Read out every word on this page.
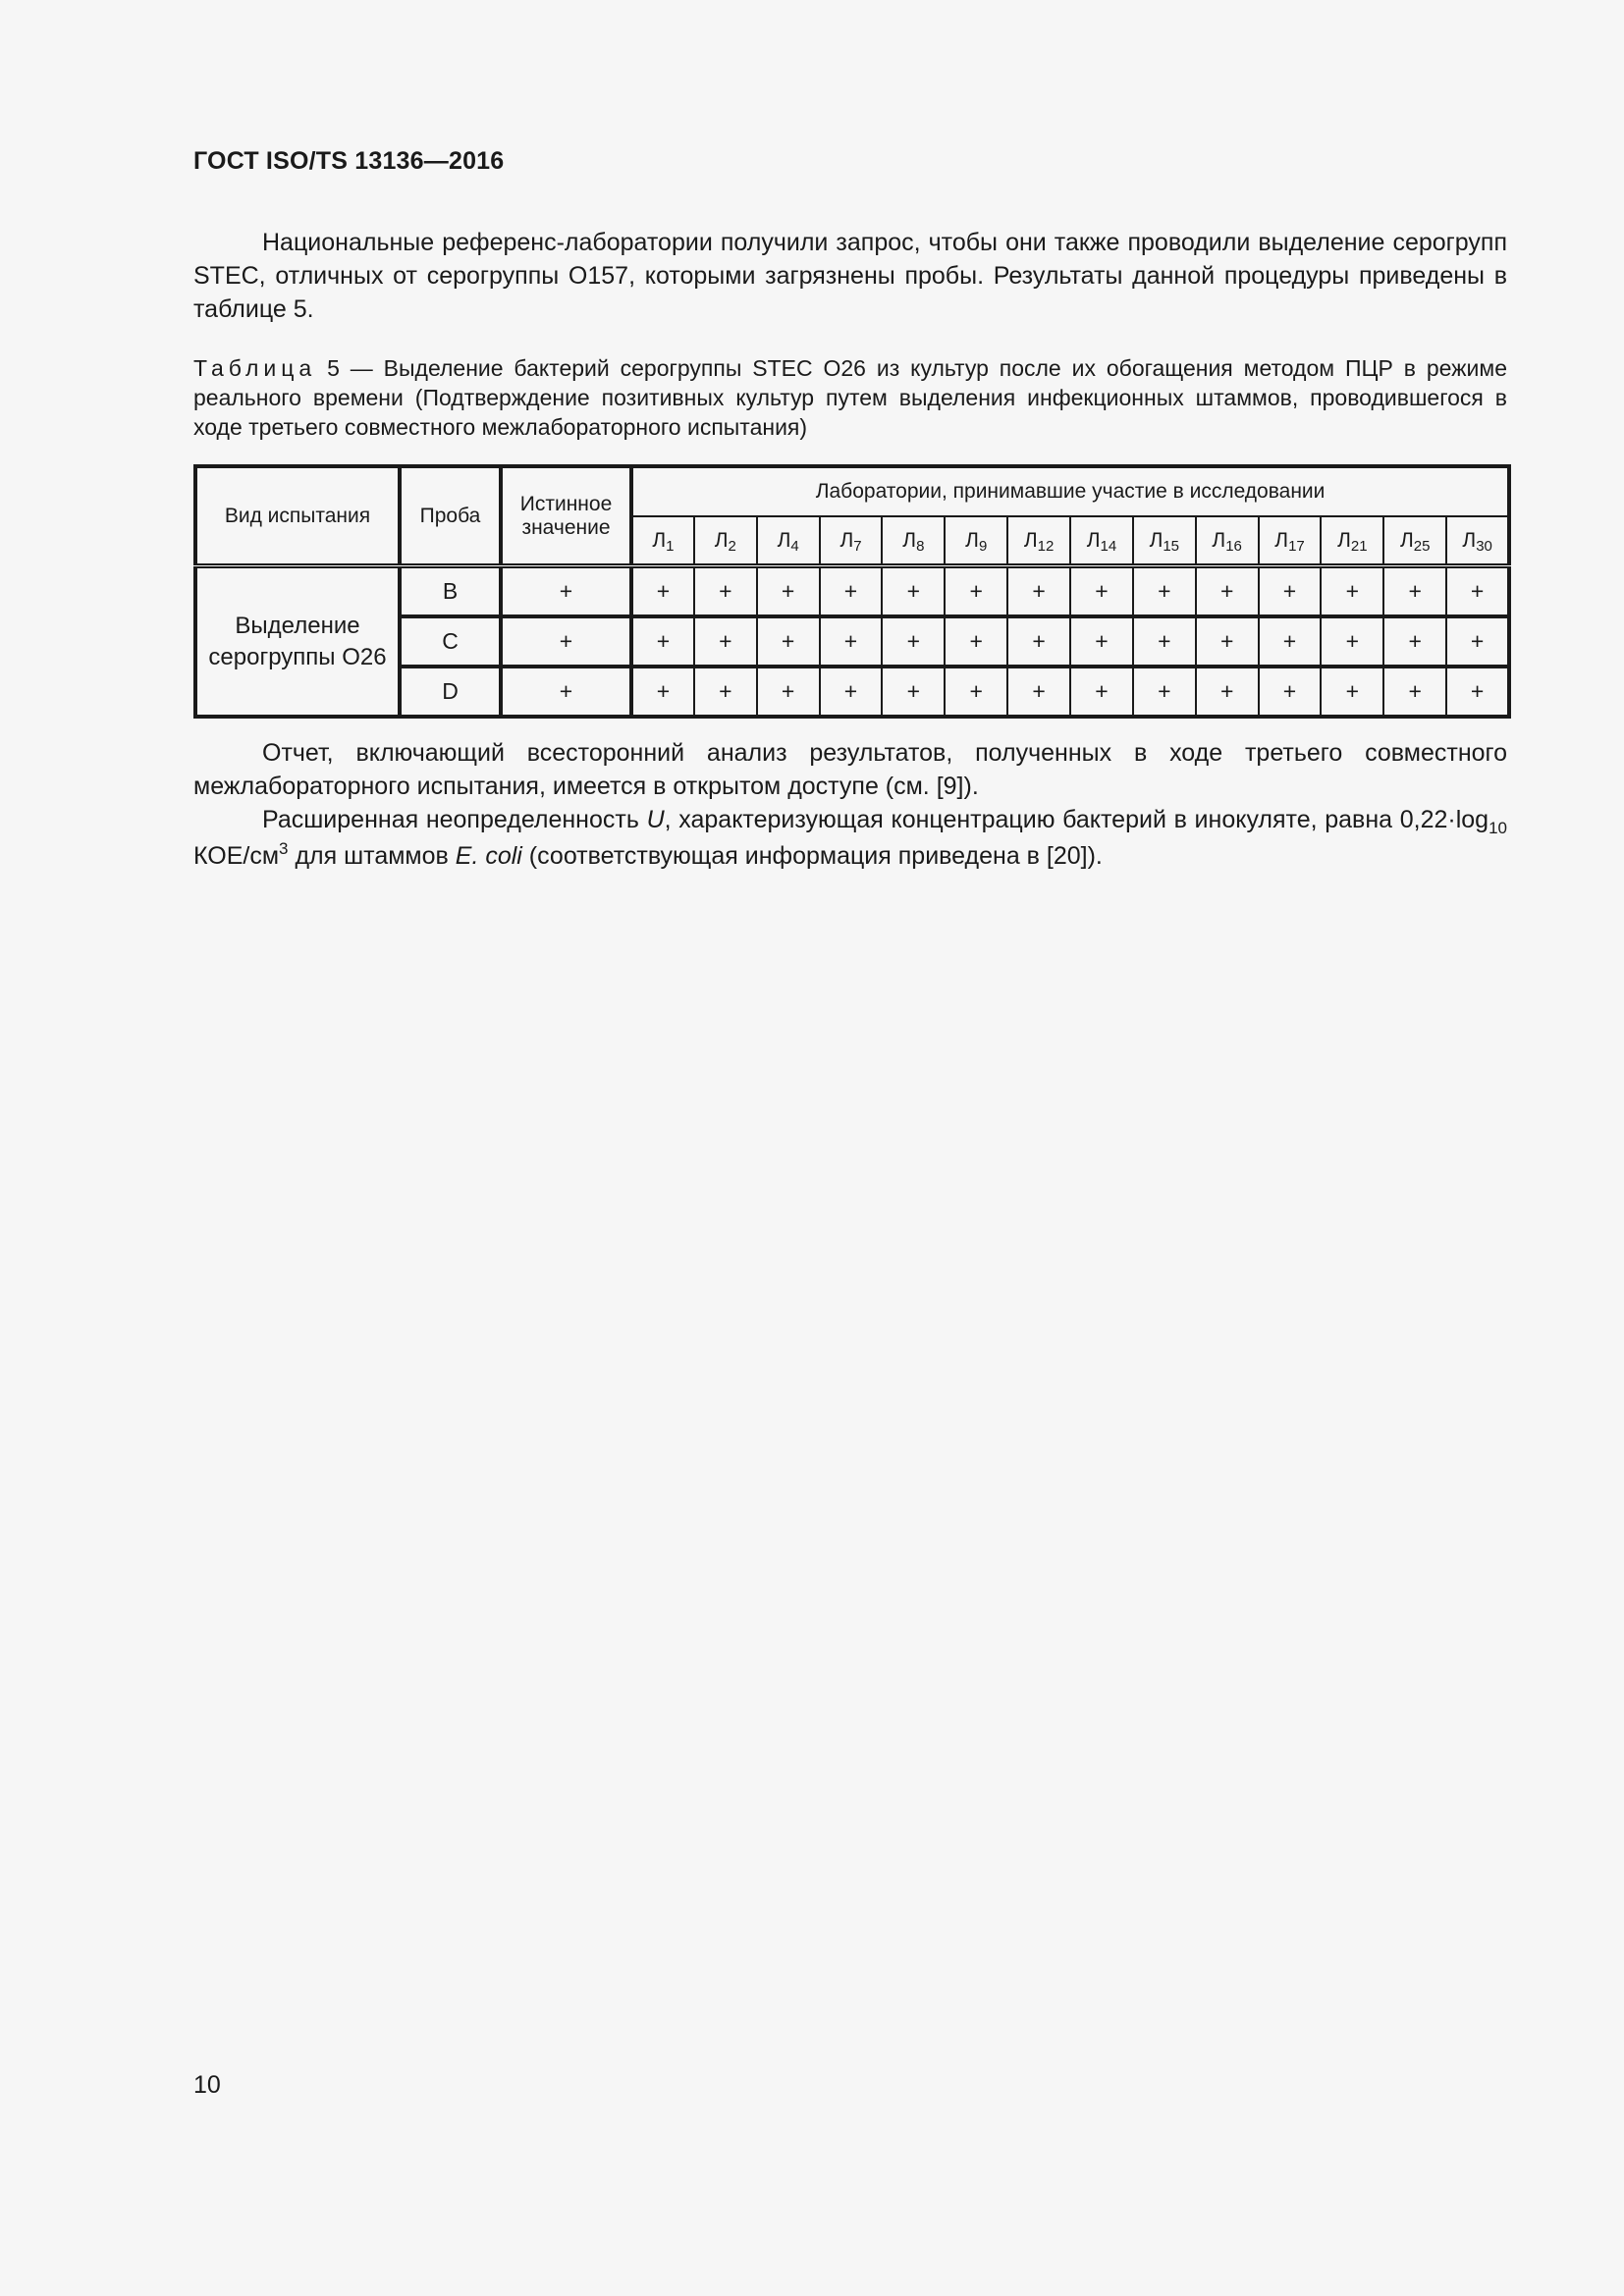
ГОСТ ISO/TS 13136—2016

Национальные референс-лаборатории получили запрос, чтобы они также проводили выделение серогрупп STEC, отличных от серогруппы O157, которыми загрязнены пробы. Результаты данной процедуры приведены в таблице 5.

Таблица 5 — Выделение бактерий серогруппы STEC O26 из культур после их обогащения методом ПЦР в режиме реального времени (Подтверждение позитивных культур путем выделения инфекционных штаммов, проводившегося в ходе третьего совместного межлабораторного испытания)

Вид испытания	Проба	Истинное значение	Лаборатории, принимавшие участие в исследовании													
			$Л_1$	$Л_2$	$Л_4$	$Л_7$	$Л_8$	$Л_9$	$Л_{12}$	$Л_{14}$	$Л_{15}$	$Л_{16}$	$Л_{17}$	$Л_{21}$	$Л_{25}$	$Л_{30}$
Выделение серогруппы O26	B	+	+	+	+	+	+	+	+	+	+	+	+	+	+	+
	C	+	+	+	+	+	+	+	+	+	+	+	+	+	+	+
	D	+	+	+	+	+	+	+	+	+	+	+	+	+	+	+

Отчет, включающий всесторонний анализ результатов, полученных в ходе третьего совместного межлабораторного испытания, имеется в открытом доступе (см. [9]).

Расширенная неопределенность U, характеризующая концентрацию бактерий в инокуляте, равна $0,22\cdot\log_{10}$ КОЕ/$см^3$ для штаммов E. coli (соответствующая информация приведена в [20]).

10
